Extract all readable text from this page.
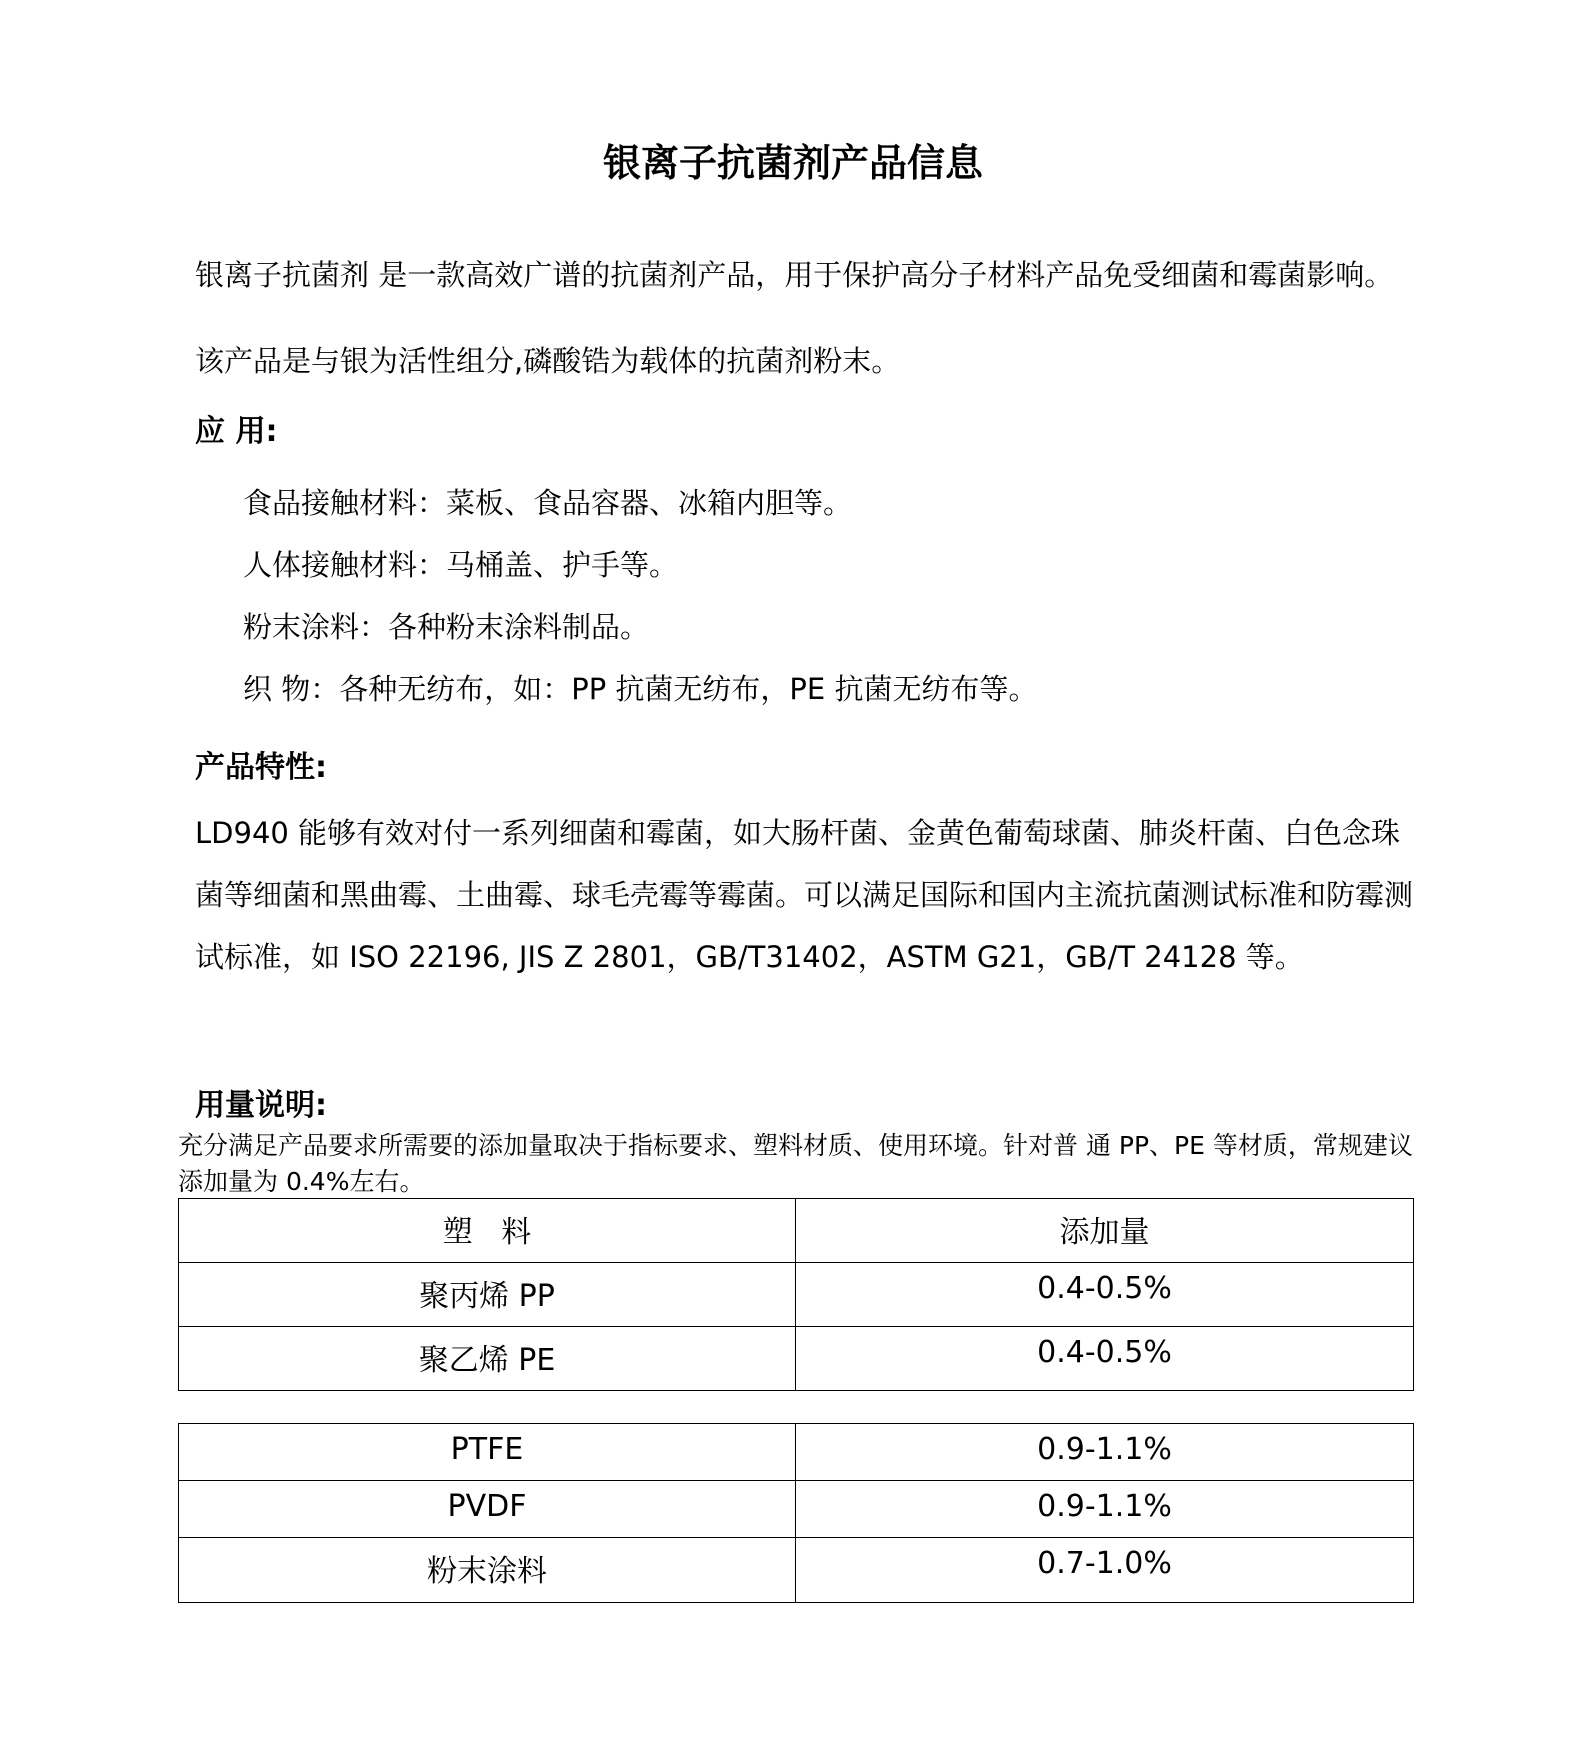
银离子抗菌剂产品信息

银离子抗菌剂 是一款高效广谱的抗菌剂产品，用于保护高分子材料产品免受细菌和霉菌影响。该产品是与银为活性组分,磷酸锆为载体的抗菌剂粉末。

应 用:
食品接触材料：菜板、食品容器、冰箱内胆等。
人体接触材料：马桶盖、护手等。
粉末涂料：各种粉末涂料制品。
织 物：各种无纺布，如：PP 抗菌无纺布，PE 抗菌无纺布等。
产品特性:

LD940 能够有效对付一系列细菌和霉菌，如大肠杆菌、金黄色葡萄球菌、肺炎杆菌、白色念珠菌等细菌和黑曲霉、土曲霉、球毛壳霉等霉菌。可以满足国际和国内主流抗菌测试标准和防霉测试标准，如 ISO 22196, JIS Z 2801，GB/T31402，ASTM G21，GB/T 24128 等。

用量说明:

充分满足产品要求所需要的添加量取决于指标要求、塑料材质、使用环境。针对普 通 PP、PE 等材质，常规建议添加量为 0.4%左右。

塑   料	添加量
聚丙烯 PP	0.4-0.5%
聚乙烯 PE	0.4-0.5%
PTFE	0.9-1.1%
PVDF	0.9-1.1%
粉末涂料	0.7-1.0%
